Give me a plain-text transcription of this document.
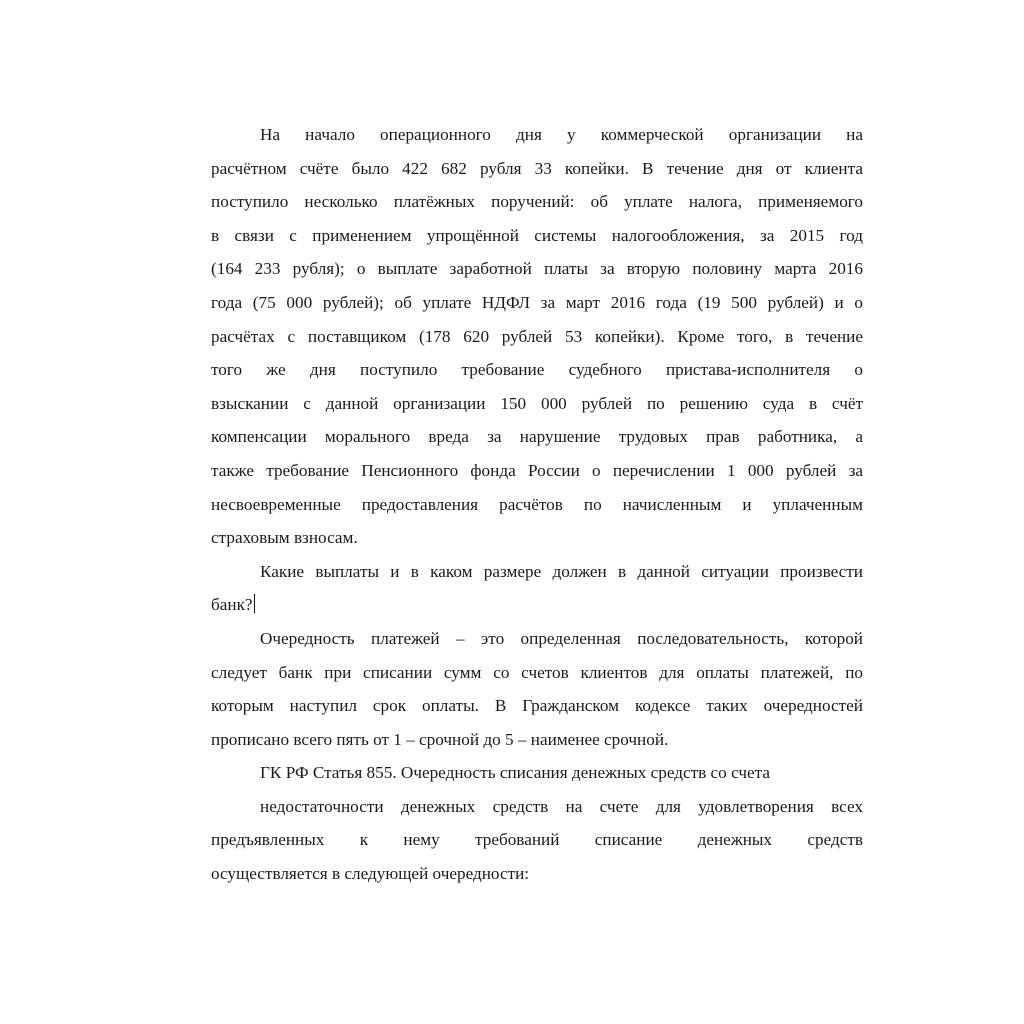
На начало операционного дня у коммерческой организации на
расчётном счёте было 422 682 рубля 33 копейки. В течение дня от клиента
поступило несколько платёжных поручений: об уплате налога, применяемого
в связи с применением упрощённой системы налогообложения, за 2015 год
(164 233 рубля); о выплате заработной платы за вторую половину марта 2016
года (75 000 рублей); об уплате НДФЛ за март 2016 года (19 500 рублей) и о
расчётах с поставщиком (178 620 рублей 53 копейки). Кроме того, в течение
того же дня поступило требование судебного пристава-исполнителя о
взыскании с данной организации 150 000 рублей по решению суда в счёт
компенсации морального вреда за нарушение трудовых прав работника, а
также требование Пенсионного фонда России о перечислении 1 000 рублей за
несвоевременные предоставления расчётов по начисленным и уплаченным
страховым взносам.

Какие выплаты и в каком размере должен в данной ситуации произвести
банк?

Очередность платежей – это определенная последовательность, которой
следует банк при списании сумм со счетов клиентов для оплаты платежей, по
которым наступил срок оплаты. В Гражданском кодексе таких очередностей
прописано всего пять от 1 – срочной до 5 – наименее срочной.

ГК РФ Статья 855. Очередность списания денежных средств со счета

недостаточности денежных средств на счете для удовлетворения всех
предъявленных к нему требований списание денежных средств
осуществляется в следующей очередности:
